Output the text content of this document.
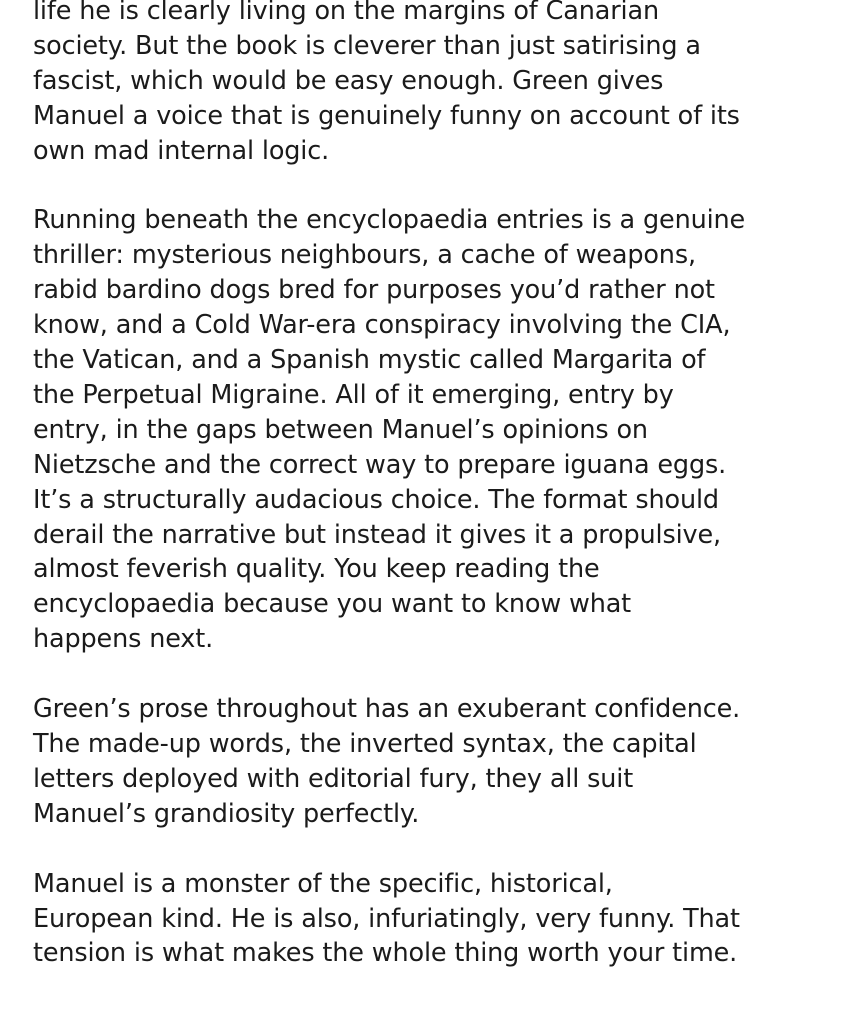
life he is clearly living on the margins of Canarian
society. But the book is cleverer than just satirising a
fascist, which would be easy enough. Green gives
Manuel a voice that is genuinely funny on account of its
own mad internal logic.

Running beneath the encyclopaedia entries is a genuine
thriller: mysterious neighbours, a cache of weapons,
rabid bardino dogs bred for purposes you’d rather not
know, and a Cold War-era conspiracy involving the CIA,
the Vatican, and a Spanish mystic called Margarita of
the Perpetual Migraine. All of it emerging, entry by
entry, in the gaps between Manuel’s opinions on
Nietzsche and the correct way to prepare iguana eggs.
It’s a structurally audacious choice. The format should
derail the narrative but instead it gives it a propulsive,
almost feverish quality. You keep reading the
encyclopaedia because you want to know what
happens next.

Green’s prose throughout has an exuberant confidence.
The made-up words, the inverted syntax, the capital
letters deployed with editorial fury, they all suit
Manuel’s grandiosity perfectly.

Manuel is a monster of the specific, historical,
European kind. He is also, infuriatingly, very funny. That
tension is what makes the whole thing worth your time.
